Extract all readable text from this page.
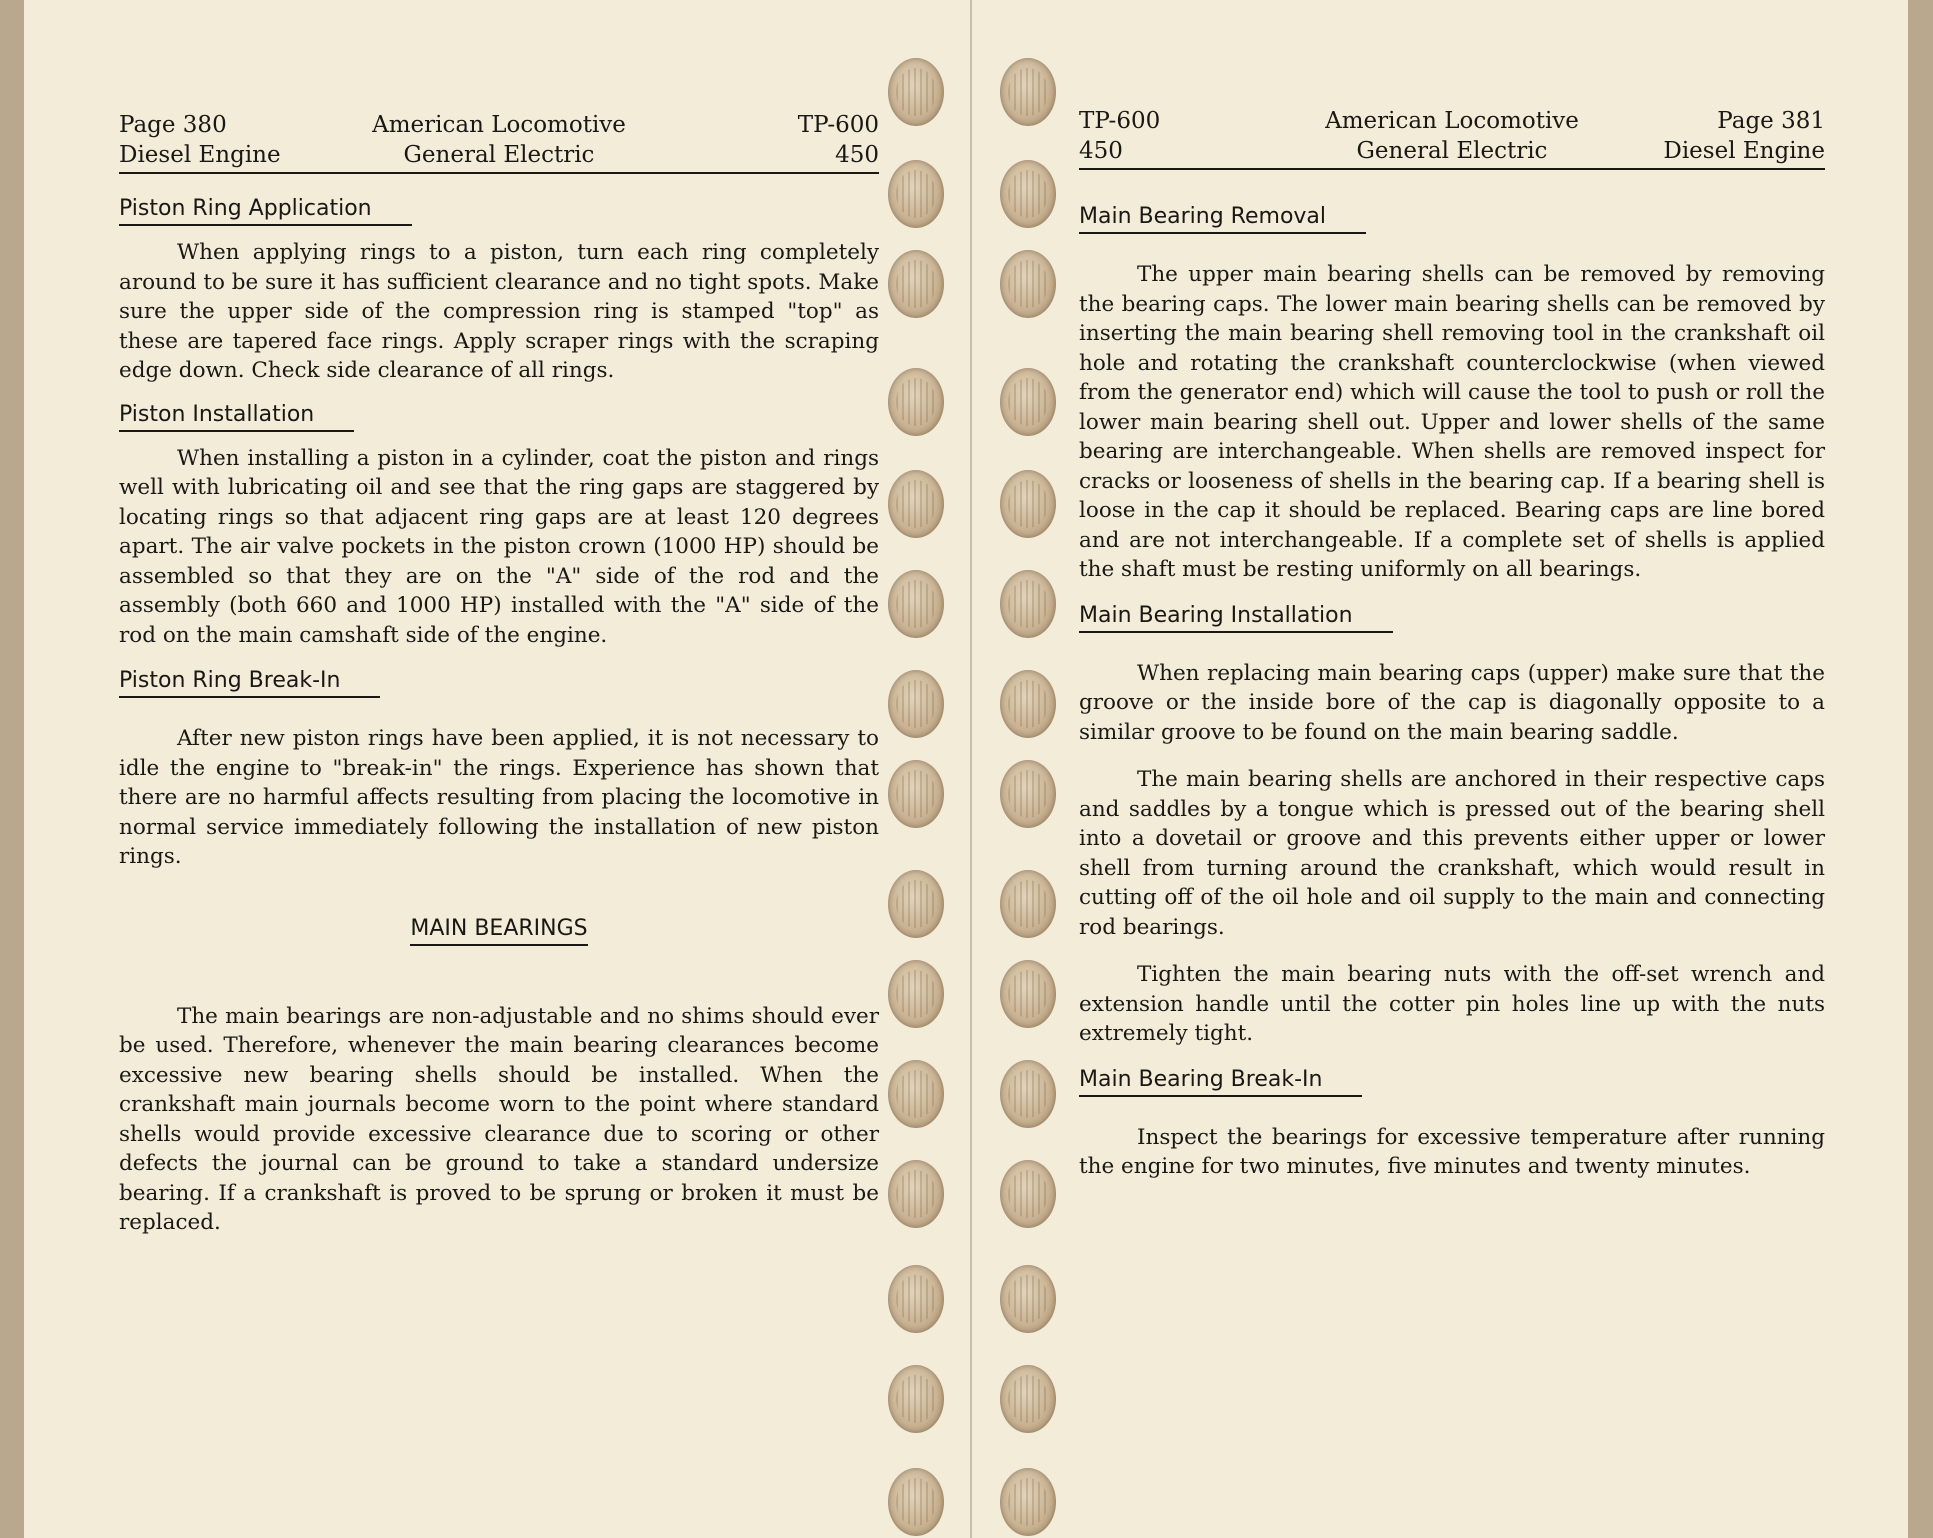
Page 380
Diesel Engine
American Locomotive
General Electric
TP-600
450
Piston Ring Application

When applying rings to a piston, turn each ring completely around to be sure it has sufficient clearance and no tight spots. Make sure the upper side of the compression ring is stamped "top" as these are tapered face rings. Apply scraper rings with the scraping edge down. Check side clearance of all rings.

Piston Installation

When installing a piston in a cylinder, coat the piston and rings well with lubricating oil and see that the ring gaps are staggered by locating rings so that adjacent ring gaps are at least 120 degrees apart. The air valve pockets in the piston crown (1000 HP) should be assembled so that they are on the "A" side of the rod and the assembly (both 660 and 1000 HP) installed with the "A" side of the rod on the main camshaft side of the engine.

Piston Ring Break-In

After new piston rings have been applied, it is not necessary to idle the engine to "break-in" the rings. Experience has shown that there are no harmful affects resulting from placing the locomotive in normal service immediately following the installation of new piston rings.

MAIN BEARINGS

The main bearings are non-adjustable and no shims should ever be used. Therefore, whenever the main bearing clearances become excessive new bearing shells should be installed. When the crankshaft main journals become worn to the point where standard shells would provide excessive clearance due to scoring or other defects the journal can be ground to take a standard undersize bearing. If a crankshaft is proved to be sprung or broken it must be replaced.

TP-600
450
American Locomotive
General Electric
Page 381
Diesel Engine
Main Bearing Removal

The upper main bearing shells can be removed by removing the bearing caps. The lower main bearing shells can be removed by inserting the main bearing shell removing tool in the crankshaft oil hole and rotating the crankshaft counterclockwise (when viewed from the generator end) which will cause the tool to push or roll the lower main bearing shell out. Upper and lower shells of the same bearing are interchangeable. When shells are removed inspect for cracks or looseness of shells in the bearing cap. If a bearing shell is loose in the cap it should be replaced. Bearing caps are line bored and are not interchangeable. If a complete set of shells is applied the shaft must be resting uniformly on all bearings.

Main Bearing Installation

When replacing main bearing caps (upper) make sure that the groove or the inside bore of the cap is diagonally opposite to a similar groove to be found on the main bearing saddle.

The main bearing shells are anchored in their respective caps and saddles by a tongue which is pressed out of the bearing shell into a dovetail or groove and this prevents either upper or lower shell from turning around the crankshaft, which would result in cutting off of the oil hole and oil supply to the main and connecting rod bearings.

Tighten the main bearing nuts with the off-set wrench and extension handle until the cotter pin holes line up with the nuts extremely tight.

Main Bearing Break-In

Inspect the bearings for excessive temperature after running the engine for two minutes, five minutes and twenty minutes.
